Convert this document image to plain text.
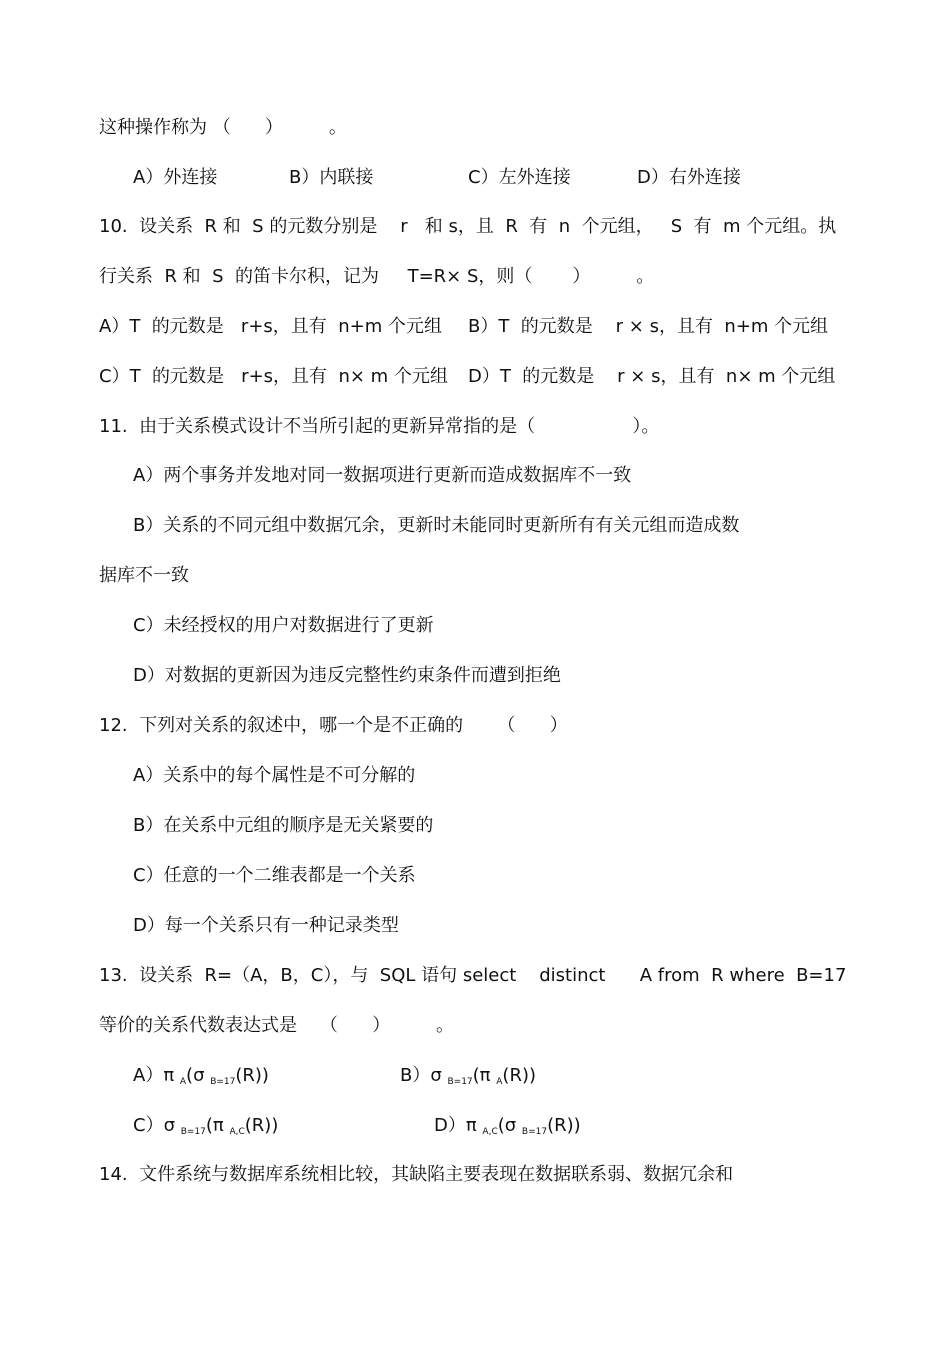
这种操作称为 （      ）        。
A）外连接	B）内联接	C）左外连接	D）右外连接
10.  设关系  R 和  S 的元数分别是    r   和 s，且  R  有  n  个元组，   S  有  m 个元组。执
行关系  R 和  S  的笛卡尔积，记为     T=R× S，则（       ）        。
A）T  的元数是   r+s，且有  n+m 个元组 B）T  的元数是    r × s，且有  n+m 个元组
C）T  的元数是   r+s，且有  n× m 个元组 D）T  的元数是    r × s，且有  n× m 个元组
11.  由于关系模式设计不当所引起的更新异常指的是（                 ）。
A）两个事务并发地对同一数据项进行更新而造成数据库不一致
B）关系的不同元组中数据冗余，更新时未能同时更新所有有关元组而造成数
据库不一致
C）未经授权的用户对数据进行了更新
D）对数据的更新因为违反完整性约束条件而遭到拒绝
12.  下列对关系的叙述中，哪一个是不正确的      （      ）
A）关系中的每个属性是不可分解的
B）在关系中元组的顺序是无关紧要的
C）任意的一个二维表都是一个关系
D）每一个关系只有一种记录类型
13.  设关系  R=（A，B，C），与  SQL 语句 select    distinct      A from  R where  B=17
等价的关系代数表达式是    （      ）        。
A）π $_A$(σ $_{B=17}$(R))	B）σ $_{B=17}$(π $_A$(R))
C）σ $_{B=17}$(π $_{A,C}$(R))	D）π $_{A,C}$(σ $_{B=17}$(R))
14.  文件系统与数据库系统相比较，其缺陷主要表现在数据联系弱、数据冗余和
